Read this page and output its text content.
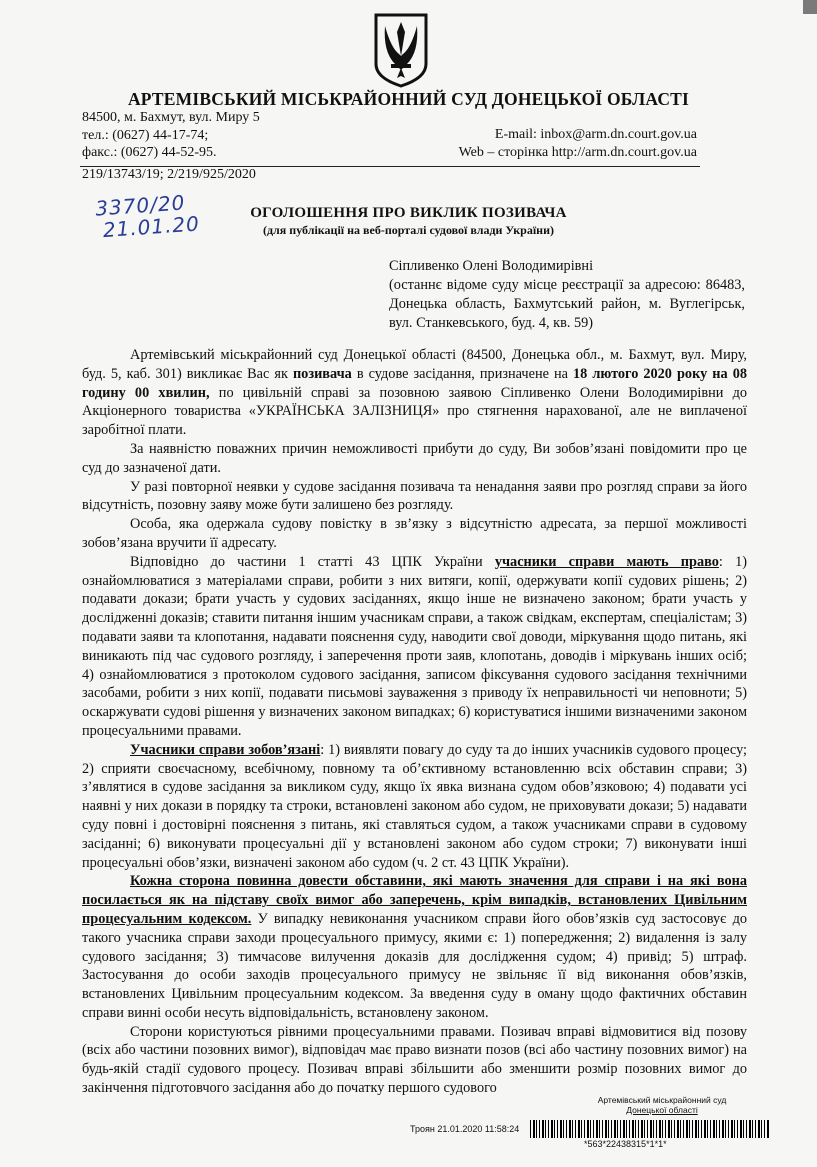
АРТЕМІВСЬКИЙ МІСЬКРАЙОННИЙ СУД ДОНЕЦЬКОЇ ОБЛАСТІ
84500, м. Бахмут, вул. Миру 5
тел.: (0627) 44-17-74;
факс.: (0627) 44-52-95.
E-mail: inbox@arm.dn.court.gov.ua
Web – сторінка http://arm.dn.court.gov.ua
219/13743/19; 2/219/925/2020
3370/20
21.01.20	ОГОЛОШЕННЯ ПРО ВИКЛИК ПОЗИВАЧА
(для публікації на веб-порталі судової влади України)

Сіпливенко Олені Володимирівні

(останнє відоме суду місце реєстрації за адресою: 86483, Донецька область, Бахмутський район, м. Вуглегірськ, вул. Станкевського, буд. 4, кв. 59)

Артемівський міськрайонний суд Донецької області (84500, Донецька обл., м. Бахмут, вул. Миру, буд. 5, каб. 301) викликає Вас як позивача в судове засідання, призначене на 18 лютого 2020 року на 08 годину 00 хвилин, по цивільній справі за позовною заявою Сіпливенко Олени Володимирівни до Акціонерного товариства «УКРАЇНСЬКА ЗАЛІЗНИЦЯ» про стягнення нарахованої, але не виплаченої заробітної плати.

За наявністю поважних причин неможливості прибути до суду, Ви зобов’язані повідомити про це суд до зазначеної дати.

У разі повторної неявки у судове засідання позивача та ненадання заяви про розгляд справи за його відсутність, позовну заяву може бути залишено без розгляду.

Особа, яка одержала судову повістку в зв’язку з відсутністю адресата, за першої можливості зобов’язана вручити її адресату.

Відповідно до частини 1 статті 43 ЦПК України учасники справи мають право: 1) ознайомлюватися з матеріалами справи, робити з них витяги, копії, одержувати копії судових рішень; 2) подавати докази; брати участь у судових засіданнях, якщо інше не визначено законом; брати участь у дослідженні доказів; ставити питання іншим учасникам справи, а також свідкам, експертам, спеціалістам; 3) подавати заяви та клопотання, надавати пояснення суду, наводити свої доводи, міркування щодо питань, які виникають під час судового розгляду, і заперечення проти заяв, клопотань, доводів і міркувань інших осіб; 4) ознайомлюватися з протоколом судового засідання, записом фіксування судового засідання технічними засобами, робити з них копії, подавати письмові зауваження з приводу їх неправильності чи неповноти; 5) оскаржувати судові рішення у визначених законом випадках; 6) користуватися іншими визначеними законом процесуальними правами.

Учасники справи зобов’язані: 1) виявляти повагу до суду та до інших учасників судового процесу; 2) сприяти своєчасному, всебічному, повному та об’єктивному встановленню всіх обставин справи; 3) з’являтися в судове засідання за викликом суду, якщо їх явка визнана судом обов’язковою; 4) подавати усі наявні у них докази в порядку та строки, встановлені законом або судом, не приховувати докази; 5) надавати суду повні і достовірні пояснення з питань, які ставляться судом, а також учасниками справи в судовому засіданні; 6) виконувати процесуальні дії у встановлені законом або судом строки; 7) виконувати інші процесуальні обов’язки, визначені законом або судом (ч. 2 ст. 43 ЦПК України).

Кожна сторона повинна довести обставини, які мають значення для справи і на які вона посилається як на підставу своїх вимог або заперечень, крім випадків, встановлених Цивільним процесуальним кодексом. У випадку невиконання учасником справи його обов’язків суд застосовує до такого учасника справи заходи процесуального примусу, якими є: 1) попередження; 2) видалення із залу судового засідання; 3) тимчасове вилучення доказів для дослідження судом; 4) привід; 5) штраф. Застосування до особи заходів процесуального примусу не звільняє її від виконання обов’язків, встановлених Цивільним процесуальним кодексом. За введення суду в оману щодо фактичних обставин справи винні особи несуть відповідальність, встановлену законом.

Сторони користуються рівними процесуальними правами. Позивач вправі відмовитися від позову (всіх або частини позовних вимог), відповідач має право визнати позов (всі або частину позовних вимог) на будь-якій стадії судового процесу. Позивач вправі збільшити або зменшити розмір позовних вимог до закінчення підготовчого засідання або до початку першого судового

Артемівський міськрайонний суд
Донецької області
Троян 21.01.2020 11:58:24
*563*22438315*1*1*
